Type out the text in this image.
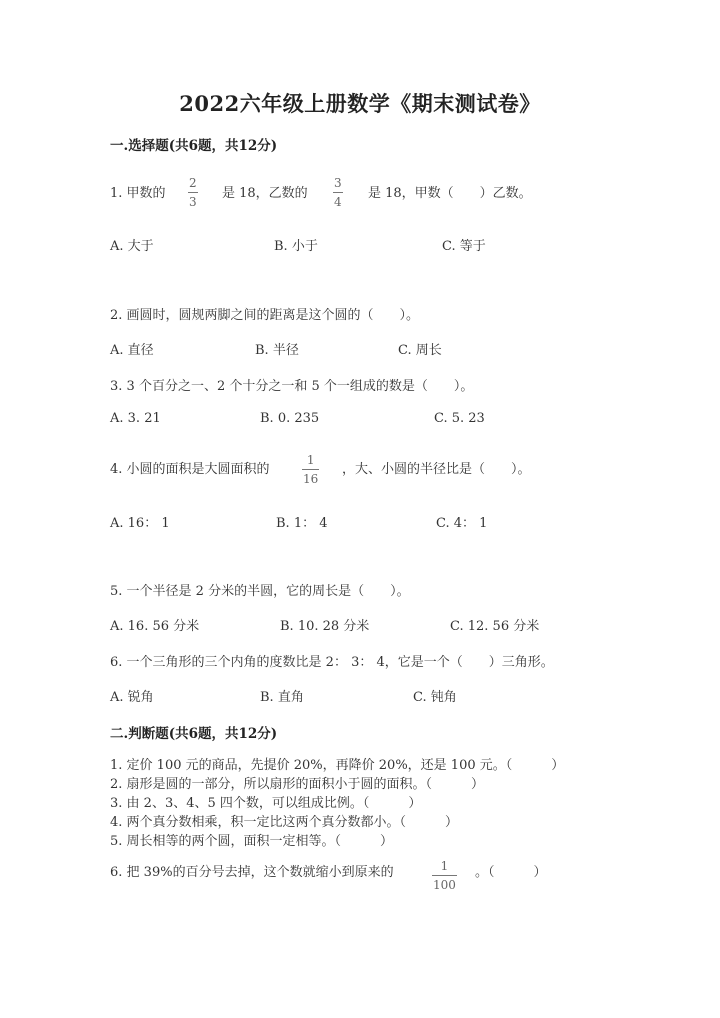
2022六年级上册数学《期末测试卷》
一.选择题(共6题，共12分)
1. 甲数的
2
3
是 18，乙数的
3
4
是 18，甲数（　　）乙数。
A. 大于	B. 小于	C. 等于
2. 画圆时，圆规两脚之间的距离是这个圆的（　　）。
A. 直径	B. 半径	C. 周长
3. 3 个百分之一、2 个十分之一和 5 个一组成的数是（　　）。
A. 3. 21	B. 0. 235	C. 5. 23
4. 小圆的面积是大圆面积的
1
16
，大、小圆的半径比是（　　）。
A. 16： 1	B. 1： 4	C. 4： 1
5. 一个半径是 2 分米的半圆，它的周长是（　　）。
A. 16. 56 分米	B. 10. 28 分米	C. 12. 56 分米
6. 一个三角形的三个内角的度数比是 2： 3： 4，它是一个（　　）三角形。
A. 锐角	B. 直角	C. 钝角
二.判断题(共6题，共12分)
1. 定价 100 元的商品，先提价 20%，再降价 20%，还是 100 元。（　　　）
2. 扇形是圆的一部分，所以扇形的面积小于圆的面积。（　　　）
3. 由 2、3、4、5 四个数，可以组成比例。（　　　）
4. 两个真分数相乘，积一定比这两个真分数都小。（　　　）
5. 周长相等的两个圆，面积一定相等。（　　　）
6. 把 39%的百分号去掉，这个数就缩小到原来的	1
100
。（　　　）
